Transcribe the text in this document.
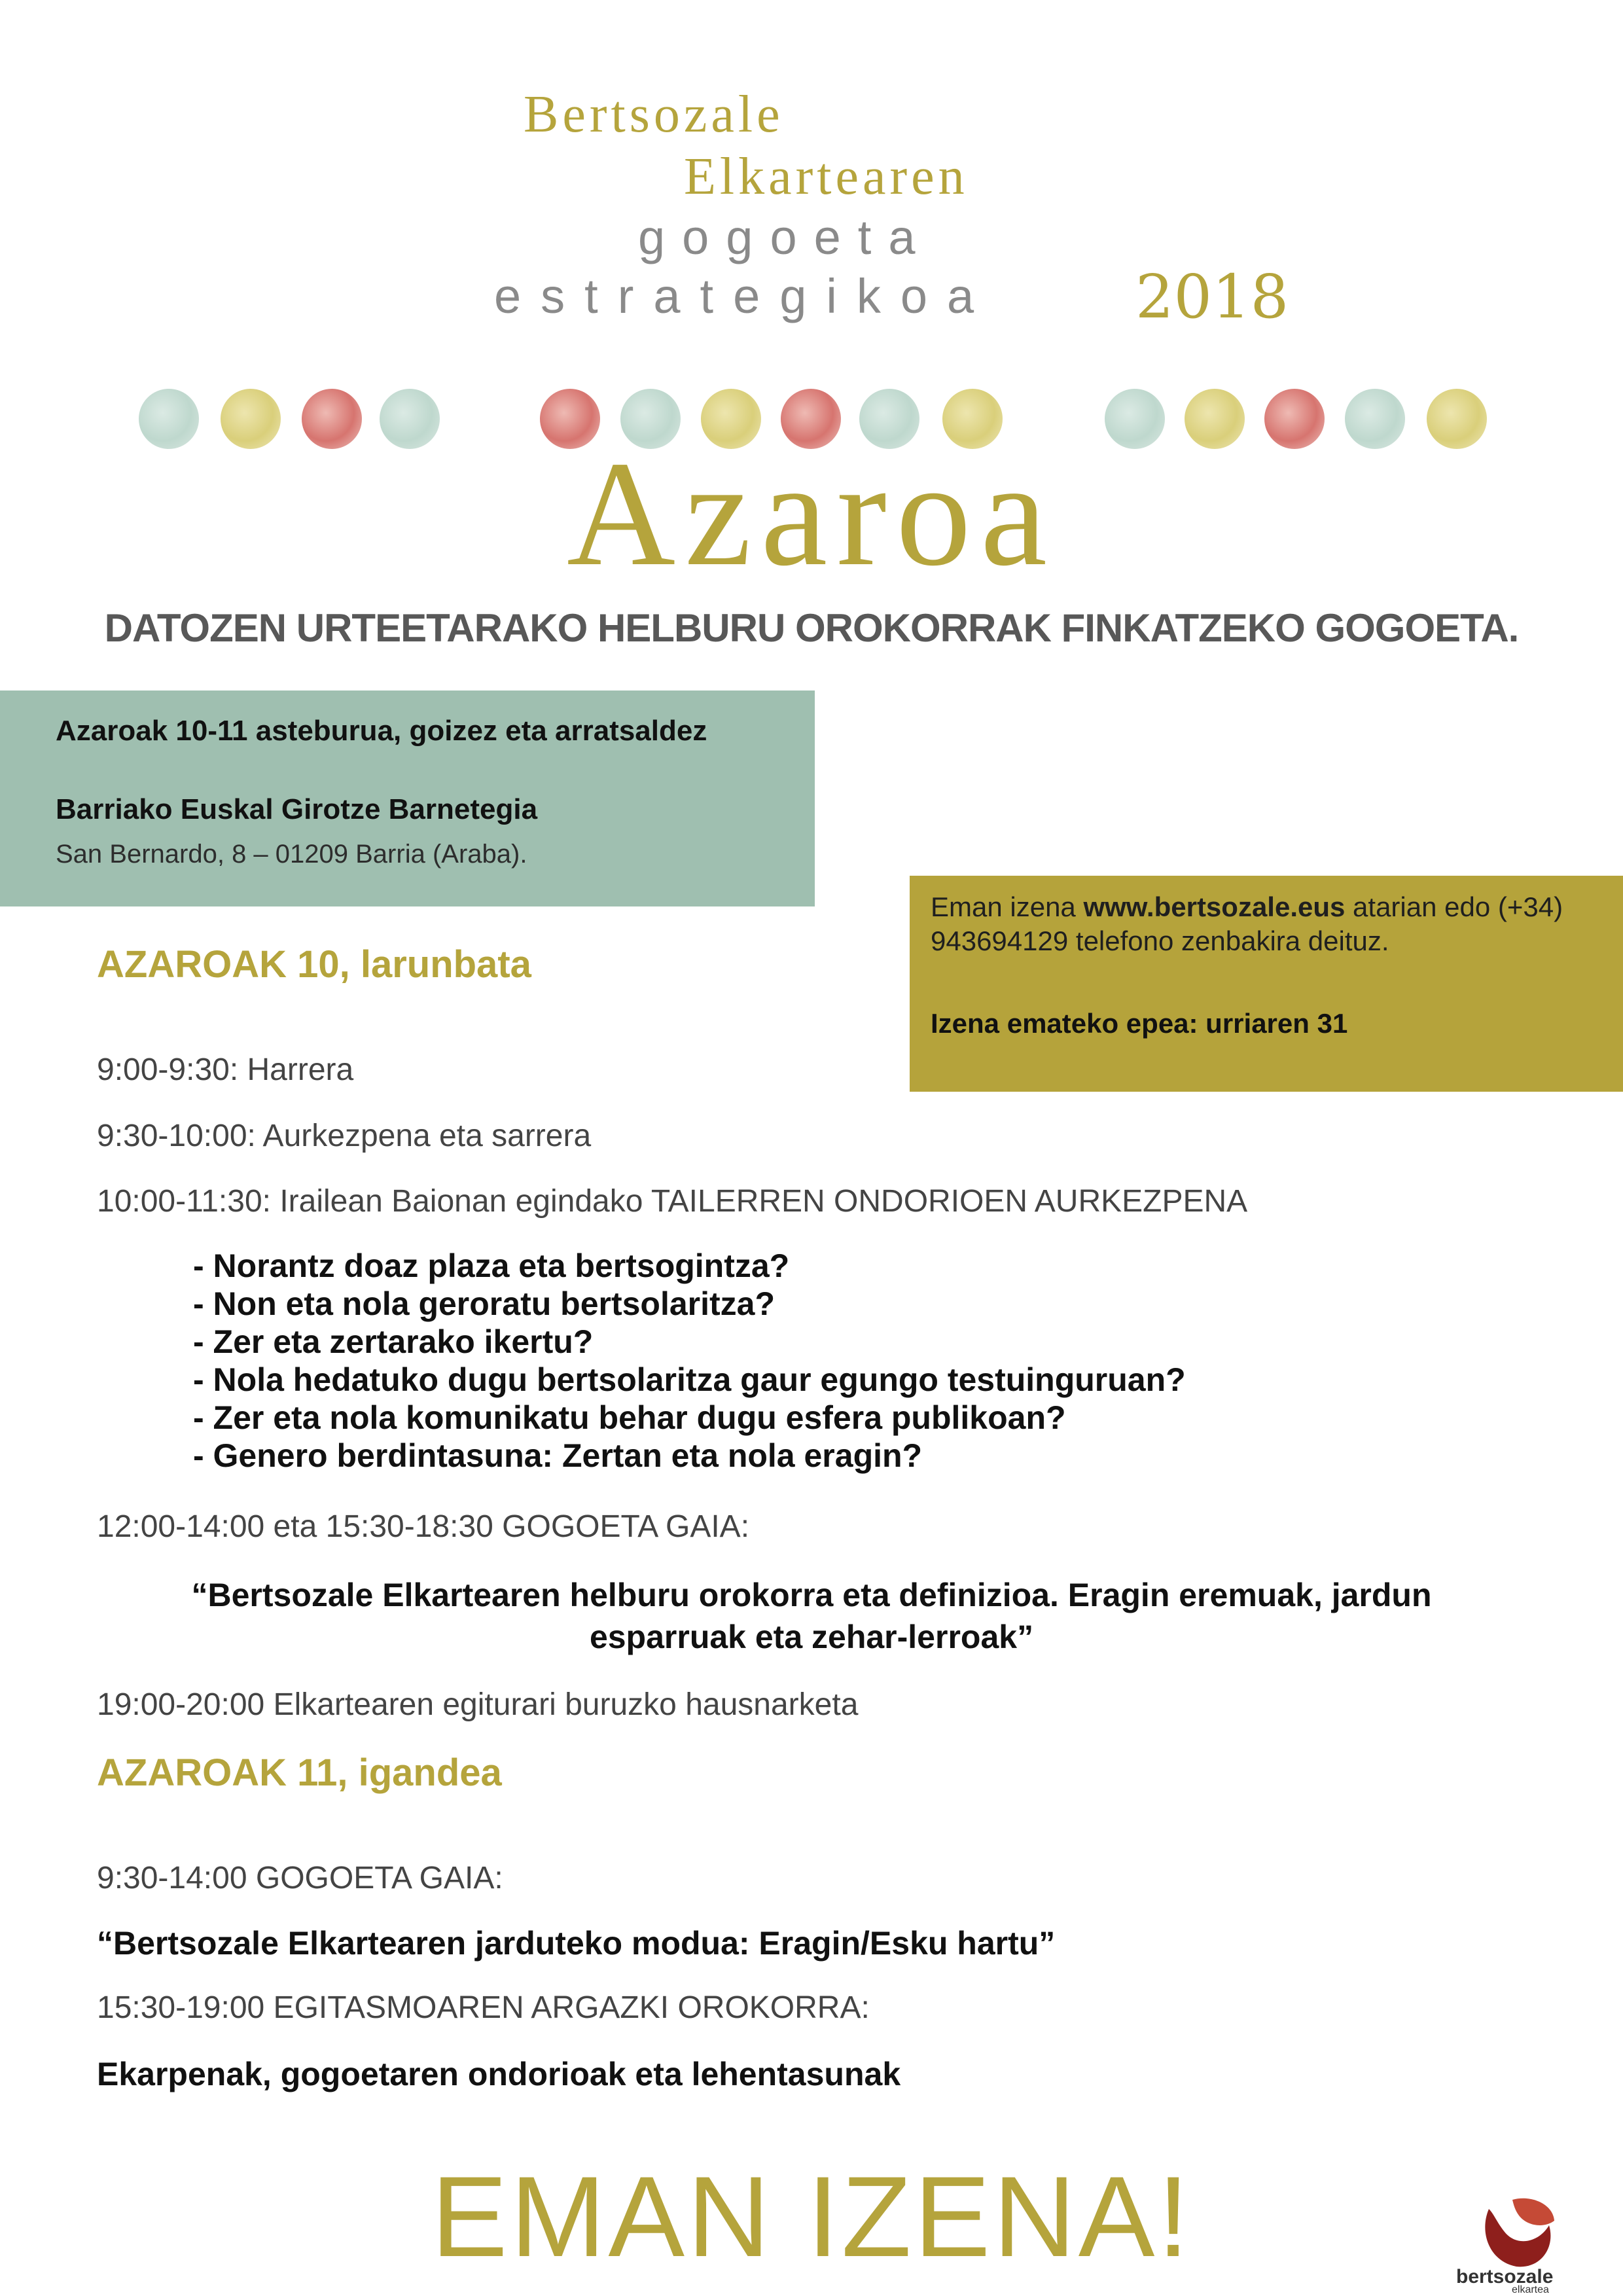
Bertsozale
Elkartearen
gogoeta
estrategikoa 2018
Azaroa
DATOZEN URTEETARAKO HELBURU OROKORRAK FINKATZEKO GOGOETA.
Azaroak 10-11 asteburua, goizez eta arratsaldez
Barriako Euskal Girotze Barnetegia
San Bernardo, 8 – 01209 Barria (Araba).
Eman izena www.bertsozale.eus atarian edo (+34) 943694129 telefono zenbakira deituz.
Izena emateko epea: urriaren 31
AZAROAK 10, larunbata
9:00-9:30: Harrera
9:30-10:00: Aurkezpena eta sarrera
10:00-11:30: Irailean Baionan egindako TAILERREN ONDORIOEN AURKEZPENA
- Norantz doaz plaza eta bertsogintza?
- Non eta nola geroratu bertsolaritza?
- Zer eta zertarako ikertu?
- Nola hedatuko dugu bertsolaritza gaur egungo testuinguruan?
- Zer eta nola komunikatu behar dugu esfera publikoan?
- Genero berdintasuna: Zertan eta nola eragin?
12:00-14:00 eta 15:30-18:30 GOGOETA GAIA:
“Bertsozale Elkartearen helburu orokorra eta definizioa. Eragin eremuak, jardun esparruak eta zehar-lerroak”
19:00-20:00 Elkartearen egiturari buruzko hausnarketa
AZAROAK 11, igandea
9:30-14:00 GOGOETA GAIA:
“Bertsozale Elkartearen jarduteko modua: Eragin/Esku hartu”
15:30-19:00 EGITASMOAREN ARGAZKI OROKORRA:
Ekarpenak, gogoetaren ondorioak eta lehentasunak
EMAN IZENA!	bertsozale
elkartea
